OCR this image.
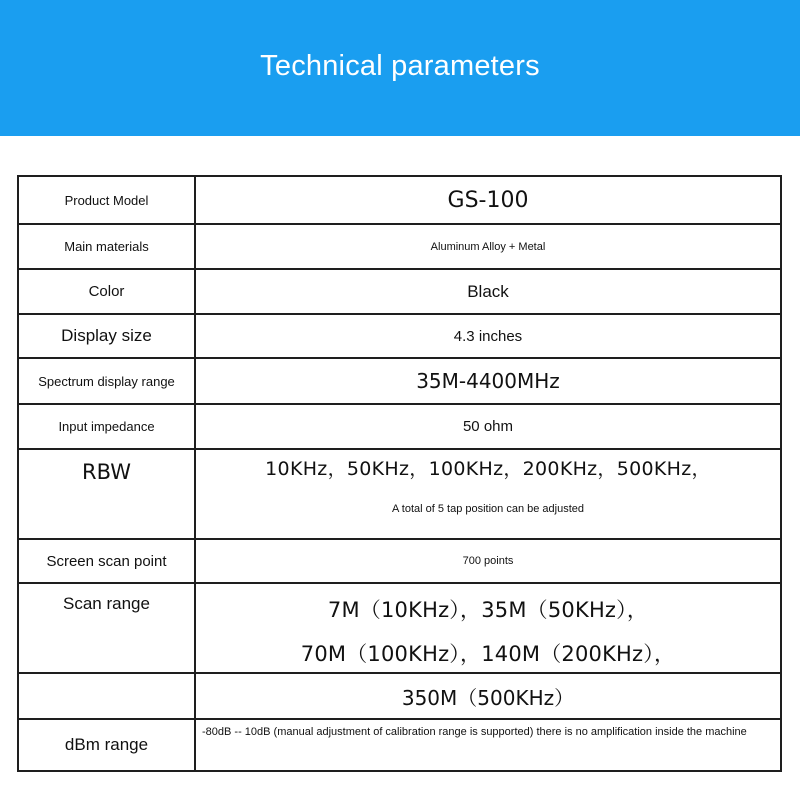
Technical parameters
Product Model	GS-100
Main materials	Aluminum Alloy + Metal
Color	Black
Display size	4.3 inches
Spectrum display range	35M-4400MHz
Input impedance	50 ohm

RBW	10KHz，50KHz，100KHz，200KHz，500KHz，
A total of 5 tap position can be adjusted

Screen scan point	700 points

Scan range	7M（10KHz），35M（50KHz），
70M（100KHz），140M（200KHz），

	350M（500KHz）
dBm range	-80dB -- 10dB (manual adjustment of calibration range is supported) there is no amplification inside the machine
